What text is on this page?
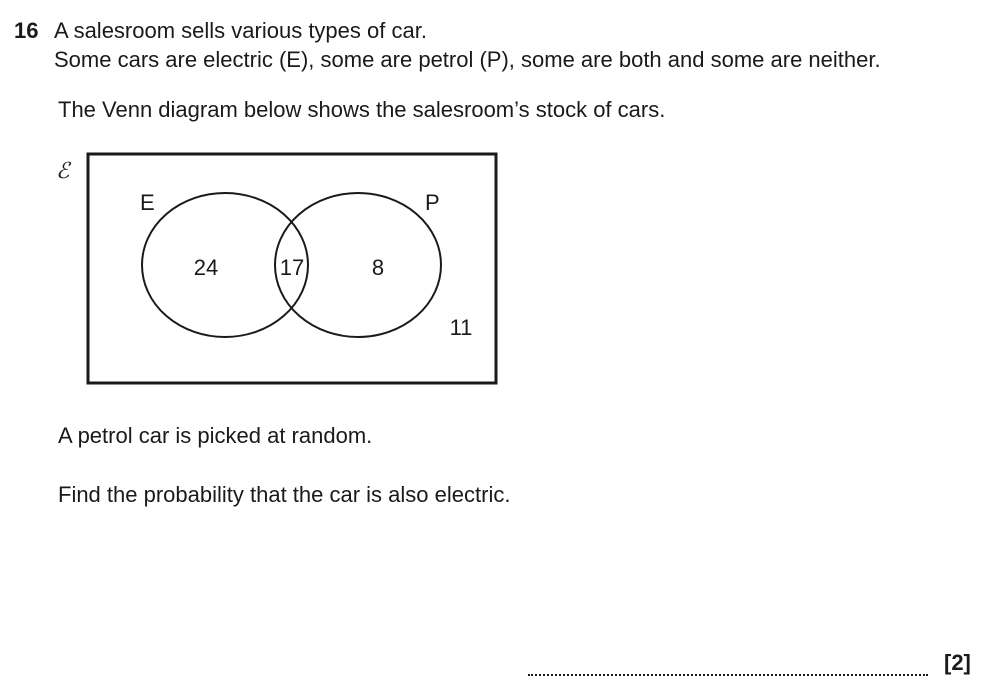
16 A salesroom sells various types of car.
Some cars are electric (E), some are petrol (P), some are both and some are neither.
The Venn diagram below shows the salesroom’s stock of cars.
ℰ
E	P
24	17	8
11
A petrol car is picked at random.
Find the probability that the car is also electric.
[2]
